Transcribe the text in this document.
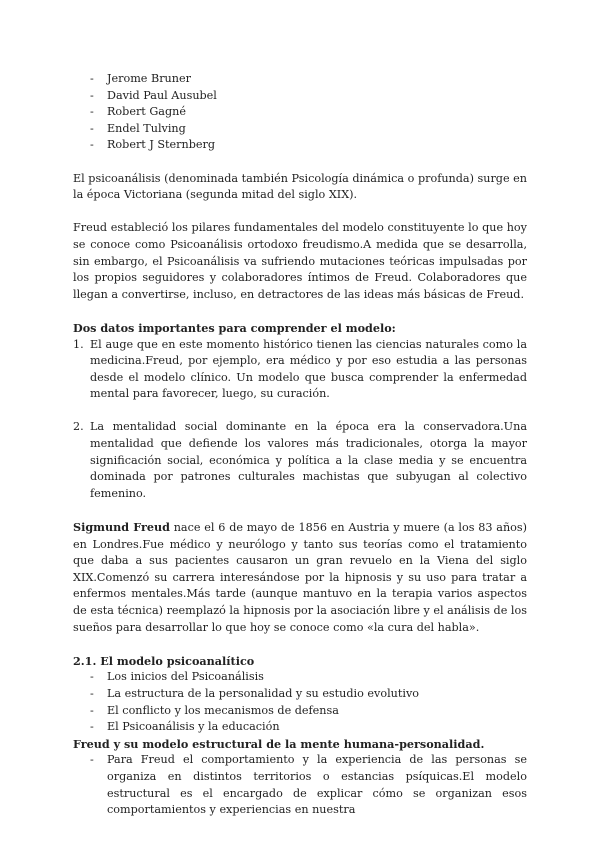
- Jerome Bruner
- David Paul Ausubel
- Robert Gagné
- Endel Tulving
- Robert J Sternberg

El psicoanálisis (denominada también Psicología dinámica o profunda) surge en la época Victoriana (segunda mitad del siglo XIX).

Freud estableció los pilares fundamentales del modelo constituyente lo que hoy se conoce como Psicoanálisis ortodoxo freudismo.A medida que se desarrolla, sin embargo, el Psicoanálisis va sufriendo mutaciones teóricas impulsadas por los propios seguidores y colaboradores íntimos de Freud. Colaboradores que llegan a convertirse, incluso, en detractores de las ideas más básicas de Freud.

Dos datos importantes para comprender el modelo:
1. El auge que en este momento histórico tienen las ciencias naturales como la medicina.Freud, por ejemplo, era médico y por eso estudia a las personas desde el modelo clínico. Un modelo que busca comprender la enfermedad mental para favorecer, luego, su curación.
2. La mentalidad social dominante en la época era la conservadora.Una mentalidad que defiende los valores más tradicionales, otorga la mayor significación social, económica y política a la clase media y se encuentra dominada por patrones culturales machistas que subyugan al colectivo femenino.

Sigmund Freud nace el 6 de mayo de 1856 en Austria y muere (a los 83 años) en Londres.Fue médico y neurólogo y tanto sus teorías como el tratamiento que daba a sus pacientes causaron un gran revuelo en la Viena del siglo XIX.Comenzó su carrera interesándose por la hipnosis y su uso para tratar a enfermos mentales.Más tarde (aunque mantuvo en la terapia varios aspectos de esta técnica) reemplazó la hipnosis por la asociación libre y el análisis de los sueños para desarrollar lo que hoy se conoce como «la cura del habla».

2.1. El modelo psicoanalítico
- Los inicios del Psicoanálisis
- La estructura de la personalidad y su estudio evolutivo
- El conflicto y los mecanismos de defensa
- El Psicoanálisis y la educación
Freud y su modelo estructural de la mente humana-personalidad.
- Para Freud el comportamiento y la experiencia de las personas se organiza en distintos territorios o estancias psíquicas.El modelo estructural es el encargado de explicar cómo se organizan esos comportamientos y experiencias en nuestra
